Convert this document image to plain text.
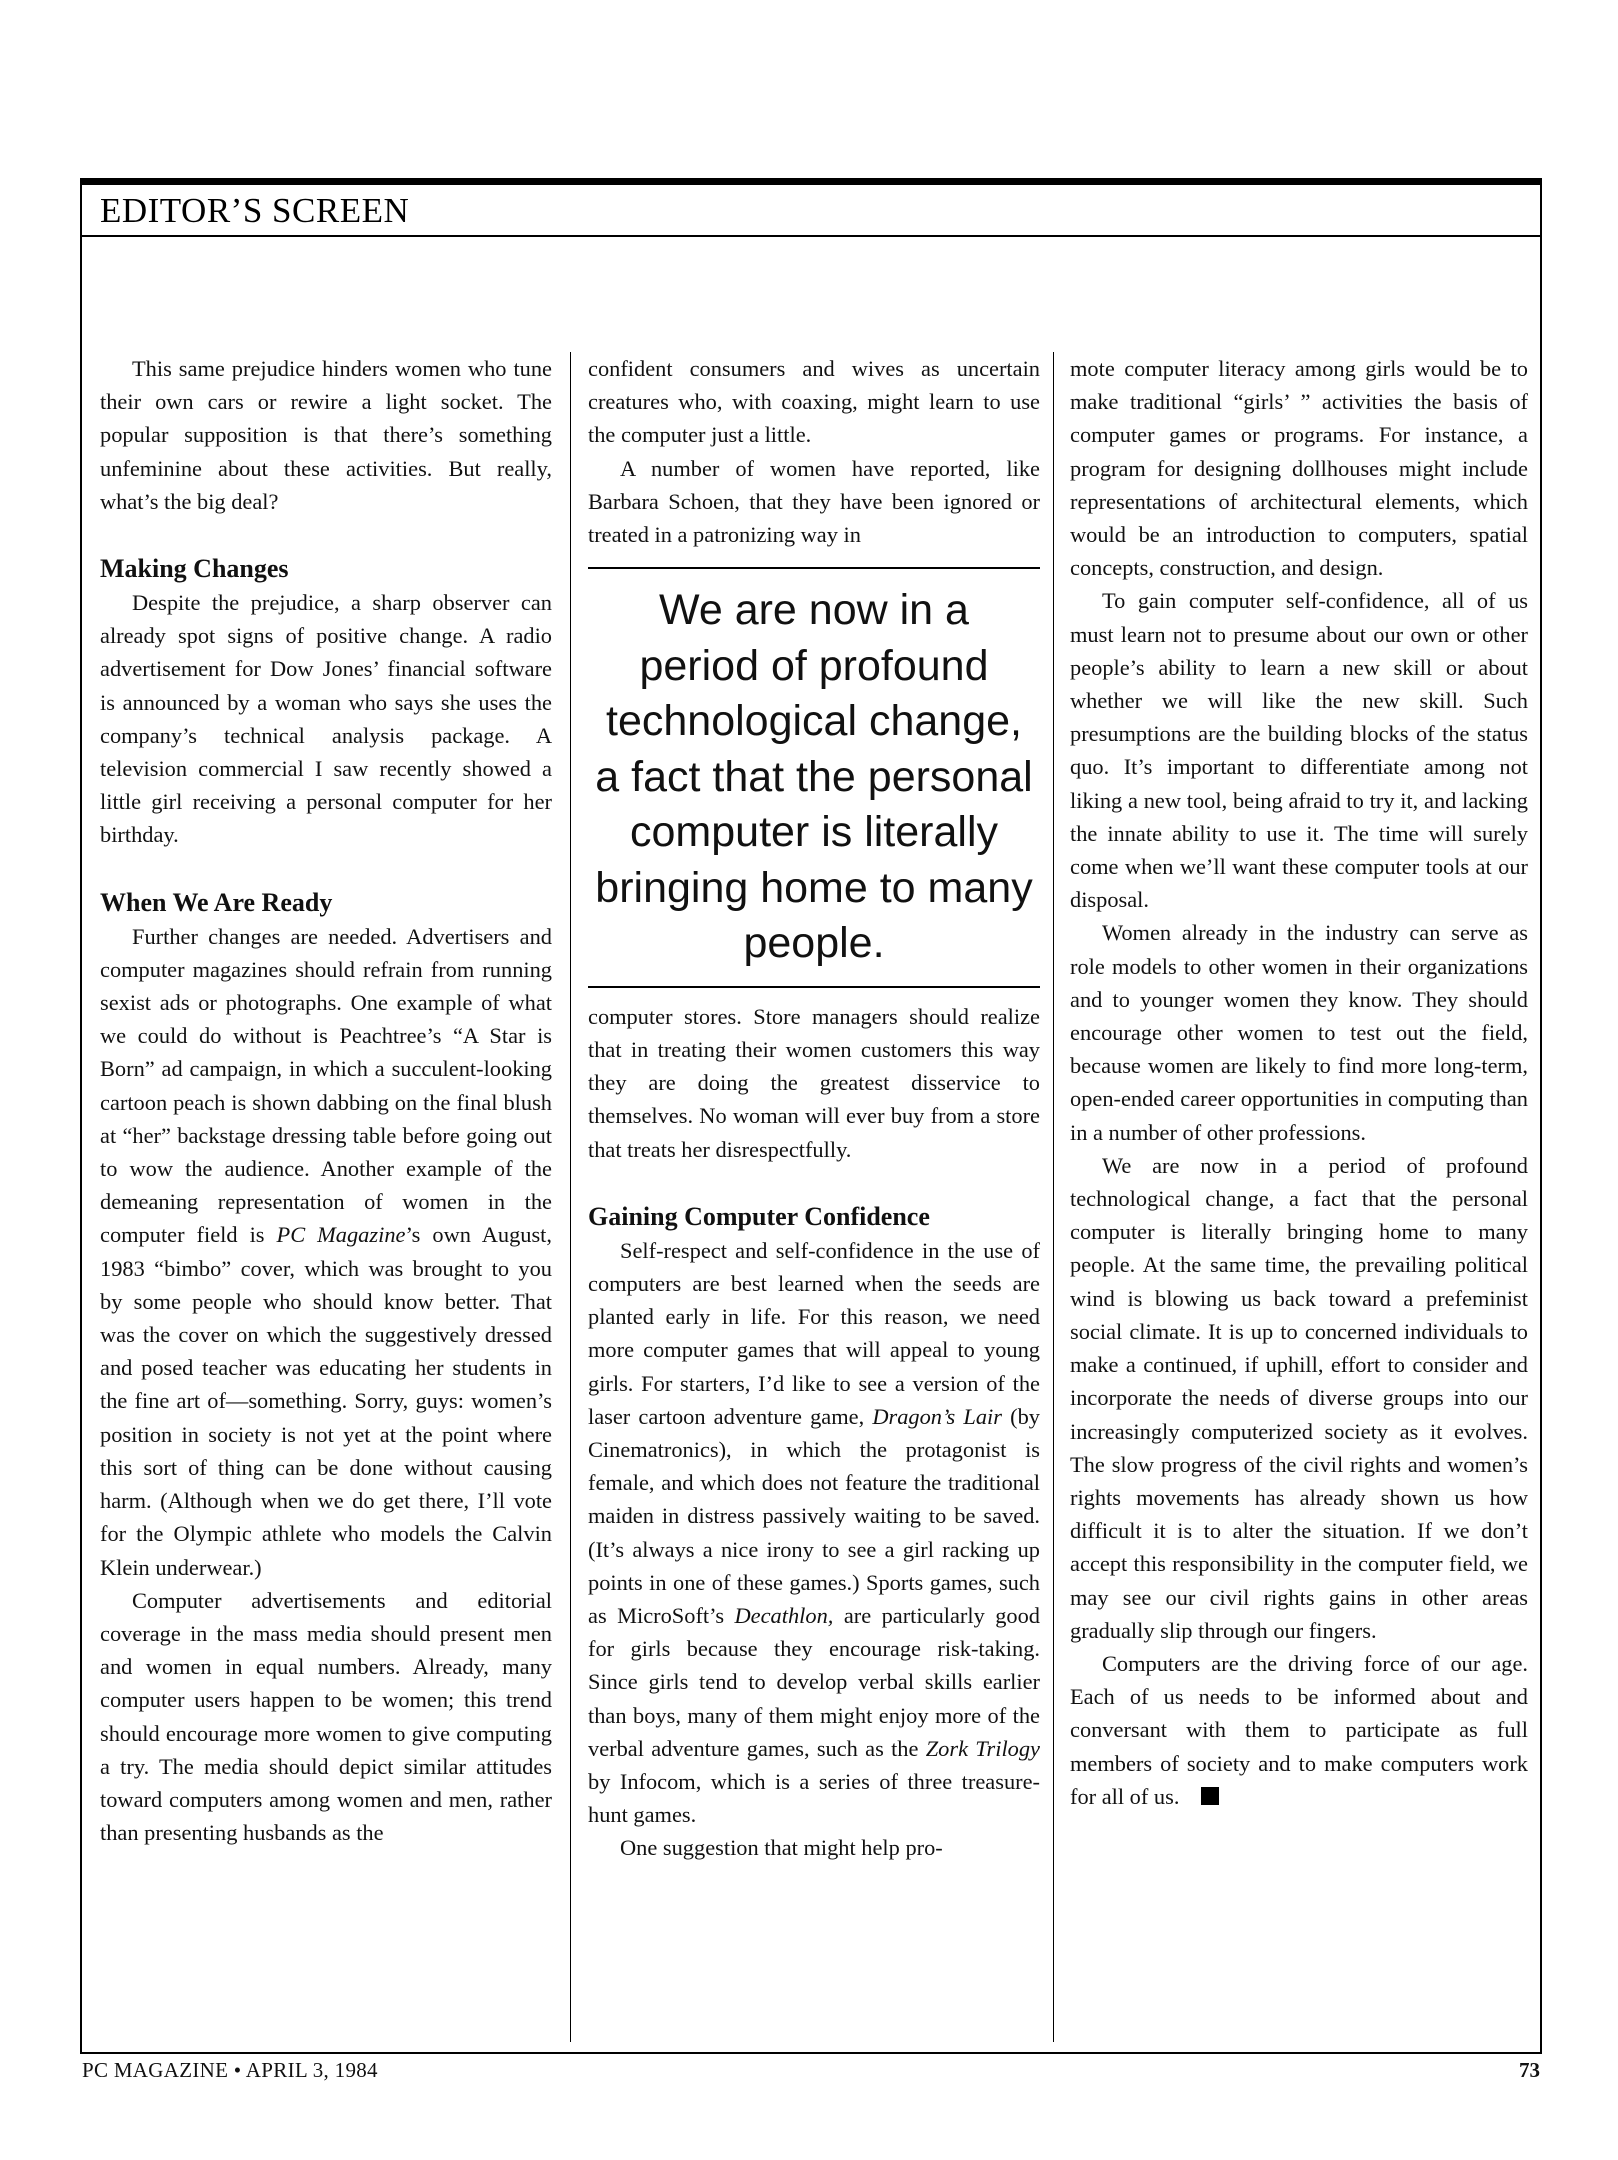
EDITOR’S SCREEN

This same prejudice hinders women who tune their own cars or rewire a light socket. The popular supposition is that there’s something unfeminine about these activities. But really, what’s the big deal?

Making Changes

Despite the prejudice, a sharp observer can already spot signs of positive change. A radio advertisement for Dow Jones’ financial software is announced by a woman who says she uses the company’s technical analysis package. A television commercial I saw recently showed a little girl receiving a personal computer for her birthday.

When We Are Ready

Further changes are needed. Advertisers and computer magazines should refrain from running sexist ads or photographs. One example of what we could do without is Peachtree’s “A Star is Born” ad campaign, in which a succulent-looking cartoon peach is shown dabbing on the final blush at “her” backstage dressing table before going out to wow the audience. Another example of the demeaning representation of women in the computer field is PC Magazine’s own August, 1983 “bimbo” cover, which was brought to you by some people who should know better. That was the cover on which the suggestively dressed and posed teacher was educating her students in the fine art of—something. Sorry, guys: women’s position in society is not yet at the point where this sort of thing can be done without causing harm. (Although when we do get there, I’ll vote for the Olympic athlete who models the Calvin Klein underwear.)

Computer advertisements and editorial coverage in the mass media should present men and women in equal numbers. Already, many computer users happen to be women; this trend should encourage more women to give computing a try. The media should depict similar attitudes toward computers among women and men, rather than presenting husbands as the

confident consumers and wives as uncertain creatures who, with coaxing, might learn to use the computer just a little.

A number of women have reported, like Barbara Schoen, that they have been ignored or treated in a patronizing way in

We are now in a period of profound technological change, a fact that the personal computer is literally bringing home to many people.

computer stores. Store managers should realize that in treating their women customers this way they are doing the greatest disservice to themselves. No woman will ever buy from a store that treats her disrespectfully.

Gaining Computer Confidence

Self-respect and self-confidence in the use of computers are best learned when the seeds are planted early in life. For this reason, we need more computer games that will appeal to young girls. For starters, I’d like to see a version of the laser cartoon adventure game, Dragon’s Lair (by Cinematronics), in which the protagonist is female, and which does not feature the traditional maiden in distress passively waiting to be saved. (It’s always a nice irony to see a girl racking up points in one of these games.) Sports games, such as MicroSoft’s Decathlon, are particularly good for girls because they encourage risk-taking. Since girls tend to develop verbal skills earlier than boys, many of them might enjoy more of the verbal adventure games, such as the Zork Trilogy by Infocom, which is a series of three treasure-hunt games.

One suggestion that might help pro-

mote computer literacy among girls would be to make traditional “girls’ ” activities the basis of computer games or programs. For instance, a program for designing dollhouses might include representations of architectural elements, which would be an introduction to computers, spatial concepts, construction, and design.

To gain computer self-confidence, all of us must learn not to presume about our own or other people’s ability to learn a new skill or about whether we will like the new skill. Such presumptions are the building blocks of the status quo. It’s important to differentiate among not liking a new tool, being afraid to try it, and lacking the innate ability to use it. The time will surely come when we’ll want these computer tools at our disposal.

Women already in the industry can serve as role models to other women in their organizations and to younger women they know. They should encourage other women to test out the field, because women are likely to find more long-term, open-ended career opportunities in computing than in a number of other professions.

We are now in a period of profound technological change, a fact that the personal computer is literally bringing home to many people. At the same time, the prevailing political wind is blowing us back toward a prefeminist social climate. It is up to concerned individuals to make a continued, if uphill, effort to consider and incorporate the needs of diverse groups into our increasingly computerized society as it evolves. The slow progress of the civil rights and women’s rights movements has already shown us how difficult it is to alter the situation. If we don’t accept this responsibility in the computer field, we may see our civil rights gains in other areas gradually slip through our fingers.

Computers are the driving force of our age. Each of us needs to be informed about and conversant with them to participate as full members of society and to make computers work for all of us.

PC MAGAZINE • APRIL 3, 1984	73
